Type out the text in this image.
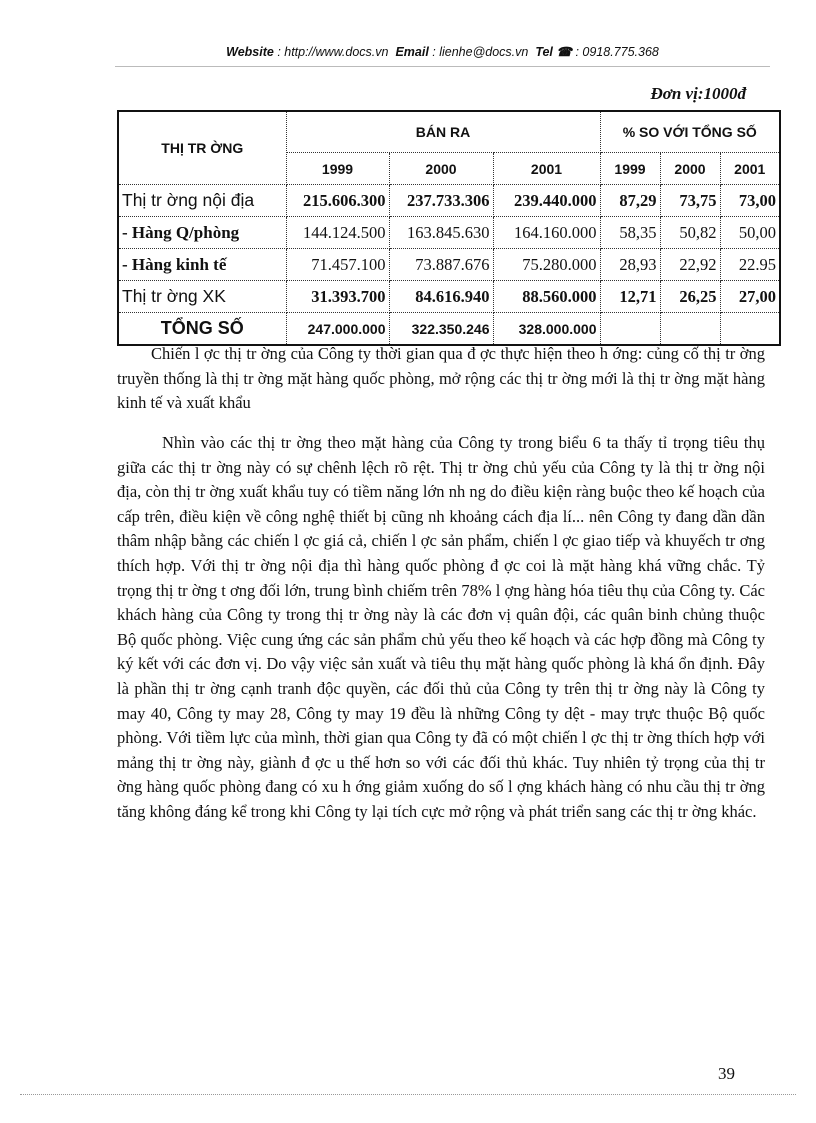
Website : http://www.docs.vn Email : lienhe@docs.vn Tel ☎ : 0918.775.368
Đơn vị:1000đ
THỊ TR ỜNG	BÁN RA			% SO VỚI TỔNG SỐ		
	1999	2000	2001	1999	2000	2001
Thị tr ờng nội địa	215.606.300	237.733.306	239.440.000	87,29	73,75	73,00
- Hàng Q/phòng	144.124.500	163.845.630	164.160.000	58,35	50,82	50,00
- Hàng kinh tế	71.457.100	73.887.676	75.280.000	28,93	22,92	22.95
Thị tr ờng XK	31.393.700	84.616.940	88.560.000	12,71	26,25	27,00
TỔNG SỐ	247.000.000	322.350.246	328.000.000			

Chiến l ợc thị tr ờng của Công ty thời gian qua đ ợc thực hiện theo h ớng: củng cố thị tr ờng truyền thống là thị tr ờng mặt hàng quốc phòng, mở rộng các thị tr ờng mới là thị tr ờng mặt hàng kinh tế và xuất khẩu

Nhìn vào các thị tr ờng theo mặt hàng của Công ty trong biểu 6 ta thấy tỉ trọng tiêu thụ giữa các thị tr ờng này có sự chênh lệch rõ rệt. Thị tr ờng chủ yếu của Công ty là thị tr ờng nội địa, còn thị tr ờng xuất khẩu tuy có tiềm năng lớn nh ng do điều kiện ràng buộc theo kế hoạch của cấp trên, điều kiện về công nghệ thiết bị cũng nh khoảng cách địa lí... nên Công ty đang dần dần thâm nhập bằng các chiến l ợc giá cả, chiến l ợc sản phẩm, chiến l ợc giao tiếp và khuyếch tr ơng thích hợp. Với thị tr ờng nội địa thì hàng quốc phòng đ ợc coi là mặt hàng khá vững chắc. Tỷ trọng thị tr ờng t ơng đối lớn, trung bình chiếm trên 78% l ợng hàng hóa tiêu thụ của Công ty. Các khách hàng của Công ty trong thị tr ờng này là các đơn vị quân đội, các quân binh chủng thuộc Bộ quốc phòng. Việc cung ứng các sản phẩm chủ yếu theo kế hoạch và các hợp đồng mà Công ty ký kết với các đơn vị. Do vậy việc sản xuất và tiêu thụ mặt hàng quốc phòng là khá ổn định. Đây là phần thị tr ờng cạnh tranh độc quyền, các đối thủ của Công ty trên thị tr ờng này là Công ty may 40, Công ty may 28, Công ty may 19 đều là những Công ty dệt - may trực thuộc Bộ quốc phòng. Với tiềm lực của mình, thời gian qua Công ty đã có một chiến l ợc thị tr ờng thích hợp với mảng thị tr ờng này, giành đ ợc u thế hơn so với các đối thủ khác. Tuy nhiên tỷ trọng của thị tr ờng hàng quốc phòng đang có xu h ớng giảm xuống do số l ợng khách hàng có nhu cầu thị tr ờng tăng không đáng kể trong khi Công ty lại tích cực mở rộng và phát triển sang các thị tr ờng khác.

39
